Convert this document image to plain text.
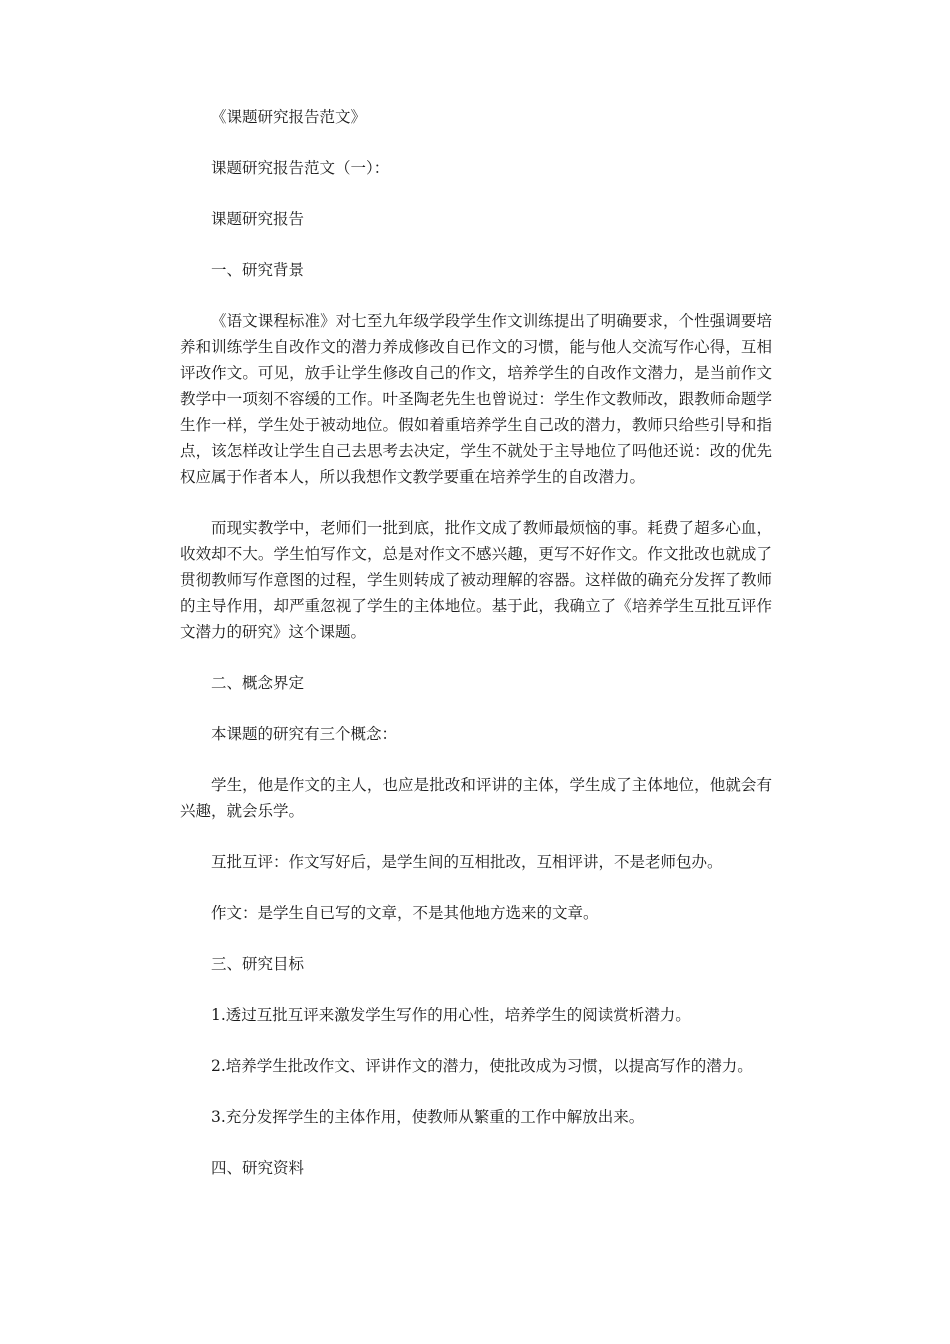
《课题研究报告范文》

课题研究报告范文（一）：

课题研究报告

一、研究背景

《语文课程标准》对七至九年级学段学生作文训练提出了明确要求，个性强调要培养和训练学生自改作文的潜力养成修改自已作文的习惯，能与他人交流写作心得，互相评改作文。可见，放手让学生修改自己的作文，培养学生的自改作文潜力，是当前作文教学中一项刻不容缓的工作。叶圣陶老先生也曾说过：学生作文教师改，跟教师命题学生作一样，学生处于被动地位。假如着重培养学生自己改的潜力，教师只给些引导和指点，该怎样改让学生自己去思考去决定，学生不就处于主导地位了吗他还说：改的优先权应属于作者本人，所以我想作文教学要重在培养学生的自改潜力。

而现实教学中，老师们一批到底，批作文成了教师最烦恼的事。耗费了超多心血，收效却不大。学生怕写作文，总是对作文不感兴趣，更写不好作文。作文批改也就成了贯彻教师写作意图的过程，学生则转成了被动理解的容器。这样做的确充分发挥了教师的主导作用，却严重忽视了学生的主体地位。基于此，我确立了《培养学生互批互评作文潜力的研究》这个课题。

二、概念界定

本课题的研究有三个概念：

学生，他是作文的主人，也应是批改和评讲的主体，学生成了主体地位，他就会有兴趣，就会乐学。

互批互评：作文写好后，是学生间的互相批改，互相评讲，不是老师包办。

作文：是学生自已写的文章，不是其他地方选来的文章。

三、研究目标

1.透过互批互评来激发学生写作的用心性，培养学生的阅读赏析潜力。

2.培养学生批改作文、评讲作文的潜力，使批改成为习惯，以提高写作的潜力。

3.充分发挥学生的主体作用，使教师从繁重的工作中解放出来。

四、研究资料
